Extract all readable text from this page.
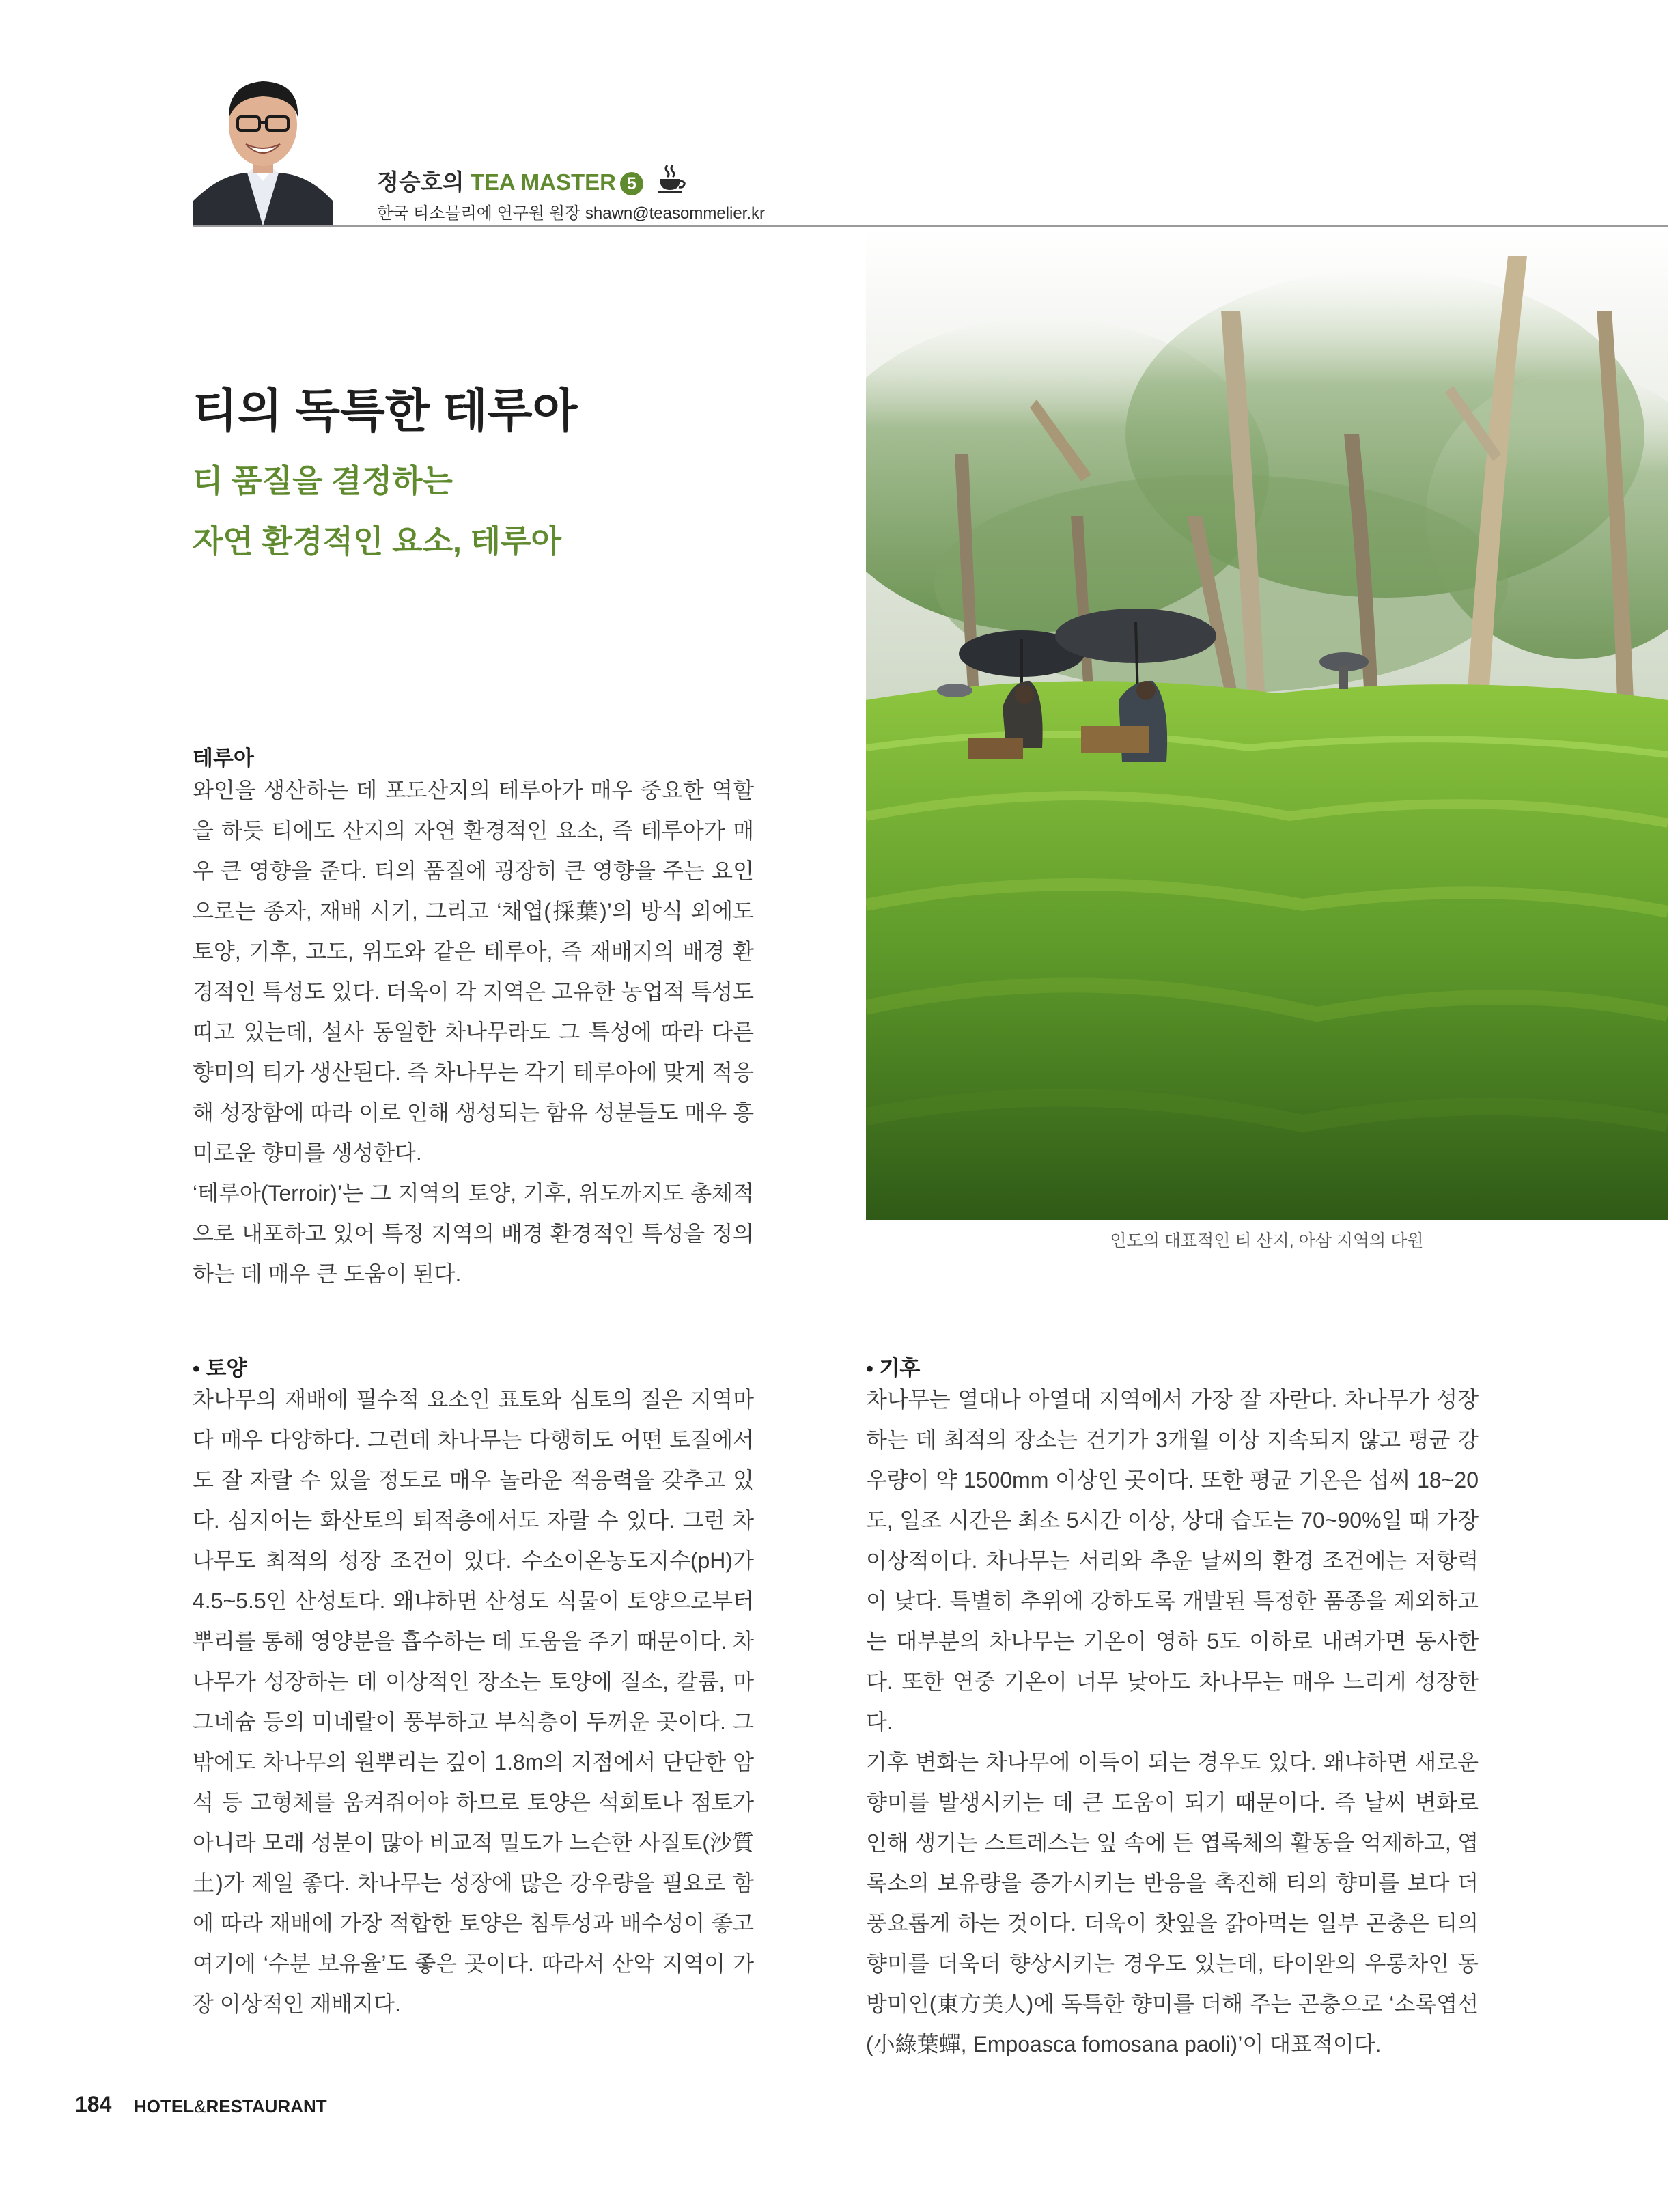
정승호의 TEA MASTER 5
한국 티소믈리에 연구원 원장 shawn@teasommelier.kr
티의 독특한 테루아
티 품질을 결정하는
자연 환경적인 요소, 테루아
인도의 대표적인 티 산지, 아삼 지역의 다원
테루아

와인을 생산하는 데 포도산지의 테루아가 매우 중요한 역할을 하듯 티에도 산지의 자연 환경적인 요소, 즉 테루아가 매우 큰 영향을 준다. 티의 품질에 굉장히 큰 영향을 주는 요인으로는 종자, 재배 시기, 그리고 ‘채엽(採葉)’의 방식 외에도 토양, 기후, 고도, 위도와 같은 테루아, 즉 재배지의 배경 환경적인 특성도 있다. 더욱이 각 지역은 고유한 농업적 특성도 띠고 있는데, 설사 동일한 차나무라도 그 특성에 따라 다른 향미의 티가 생산된다. 즉 차나무는 각기 테루아에 맞게 적응해 성장함에 따라 이로 인해 생성되는 함유 성분들도 매우 흥미로운 향미를 생성한다.

‘테루아(Terroir)’는 그 지역의 토양, 기후, 위도까지도 총체적으로 내포하고 있어 특정 지역의 배경 환경적인 특성을 정의하는 데 매우 큰 도움이 된다.

• 토양

차나무의 재배에 필수적 요소인 표토와 심토의 질은 지역마다 매우 다양하다. 그런데 차나무는 다행히도 어떤 토질에서도 잘 자랄 수 있을 정도로 매우 놀라운 적응력을 갖추고 있다. 심지어는 화산토의 퇴적층에서도 자랄 수 있다. 그런 차나무도 최적의 성장 조건이 있다. 수소이온농도지수(pH)가 4.5~5.5인 산성토다. 왜냐하면 산성도 식물이 토양으로부터 뿌리를 통해 영양분을 흡수하는 데 도움을 주기 때문이다. 차나무가 성장하는 데 이상적인 장소는 토양에 질소, 칼륨, 마그네슘 등의 미네랄이 풍부하고 부식층이 두꺼운 곳이다. 그 밖에도 차나무의 원뿌리는 깊이 1.8m의 지점에서 단단한 암석 등 고형체를 움켜쥐어야 하므로 토양은 석회토나 점토가 아니라 모래 성분이 많아 비교적 밀도가 느슨한 사질토(沙質土)가 제일 좋다. 차나무는 성장에 많은 강우량을 필요로 함에 따라 재배에 가장 적합한 토양은 침투성과 배수성이 좋고 여기에 ‘수분 보유율’도 좋은 곳이다. 따라서 산악 지역이 가장 이상적인 재배지다.

• 기후

차나무는 열대나 아열대 지역에서 가장 잘 자란다. 차나무가 성장하는 데 최적의 장소는 건기가 3개월 이상 지속되지 않고 평균 강우량이 약 1500mm 이상인 곳이다. 또한 평균 기온은 섭씨 18~20도, 일조 시간은 최소 5시간 이상, 상대 습도는 70~90%일 때 가장 이상적이다. 차나무는 서리와 추운 날씨의 환경 조건에는 저항력이 낮다. 특별히 추위에 강하도록 개발된 특정한 품종을 제외하고는 대부분의 차나무는 기온이 영하 5도 이하로 내려가면 동사한다. 또한 연중 기온이 너무 낮아도 차나무는 매우 느리게 성장한다.

기후 변화는 차나무에 이득이 되는 경우도 있다. 왜냐하면 새로운 향미를 발생시키는 데 큰 도움이 되기 때문이다. 즉 날씨 변화로 인해 생기는 스트레스는 잎 속에 든 엽록체의 활동을 억제하고, 엽록소의 보유량을 증가시키는 반응을 촉진해 티의 향미를 보다 더 풍요롭게 하는 것이다. 더욱이 찻잎을 갉아먹는 일부 곤충은 티의 향미를 더욱더 향상시키는 경우도 있는데, 타이완의 우롱차인 동방미인(東方美人)에 독특한 향미를 더해 주는 곤충으로 ‘소록엽선(小綠葉蟬, Empoasca fomosana paoli)’이 대표적이다.

184 HOTEL&RESTAURANT
